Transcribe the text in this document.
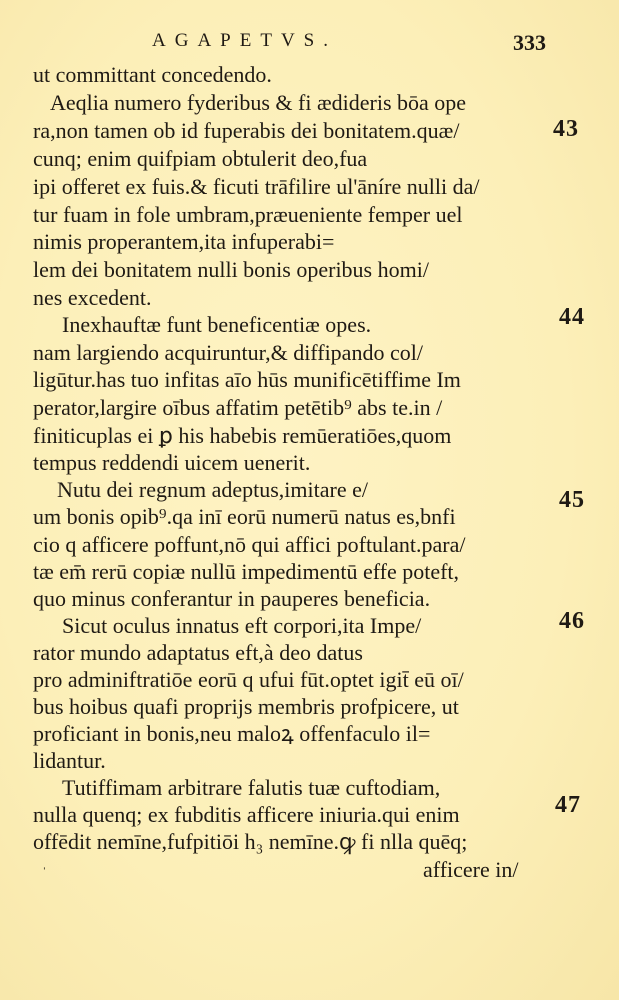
AGAPETVS.	333
ut committant concedendo.
Aeqlia numero fyderibus & fi ædideris bōa ope
ra,non tamen ob id fuperabis dei bonitatem.quæ/
cunq; enim quifpiam obtulerit deo,fua
ipi offeret ex fuis.& ficuti trāfilire ul'āníre nulli da/
tur fuam in fole umbram,præueniente femper uel
nimis properantem,ita infuperabi=
lem dei bonitatem nulli bonis operibus homi/
nes excedent.
Inexhauftæ funt beneficentiæ opes.
nam largiendo acquiruntur,& diffipando col/
ligūtur.has tuo infitas aīo hūs munificētiffime Im
perator,largire oībus affatim petētib⁹ abs te.in /
finiticuplas ei ꝑ his habebis remūeratiōes,quom
tempus reddendi uicem uenerit.
Nutu dei regnum adeptus,imitare e/
um bonis opib⁹.qa inī eorū numerū natus es,bnfi
cio q afficere poffunt,nō qui affici poftulant.para/
tæ em̄ rerū copiæ nullū impedimentū effe poteft,
quo minus conferantur in pauperes beneficia.
Sicut oculus innatus eft corpori,ita Impe/
rator mundo adaptatus eft,à deo datus
pro adminiftratiōe eorū q ufui fūt.optet igit̄ eū oī/
bus hoibus quafi proprijs membris profpicere, ut
proficiant in bonis,neu maloꝝ offenfaculo il=
lidantur.
Tutiffimam arbitrare falutis tuæ cuftodiam,
nulla quenq; ex fubditis afficere iniuria.qui enim
offēdit nemīne,fufpitiōi h₃ nemīne.ꝙ fi nlla quēq;
afficere in/
43
44
45
46
47
ˈ
